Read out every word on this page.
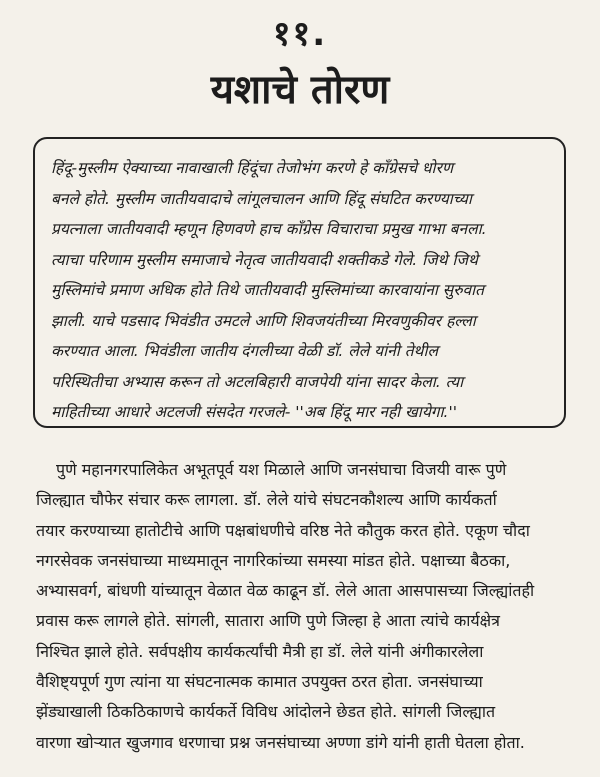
११.
यशाचे तोरण

हिंदू-मुस्लीम ऐक्याच्या नावाखाली हिंदूंचा तेजोभंग करणे हे काँग्रेसचे धोरण
बनले होते. मुस्लीम जातीयवादाचे लांगूलचालन आणि हिंदू संघटित करण्याच्या
प्रयत्नाला जातीयवादी म्हणून हिणवणे हाच काँग्रेस विचाराचा प्रमुख गाभा बनला.
त्याचा परिणाम मुस्लीम समाजाचे नेतृत्व जातीयवादी शक्तीकडे गेले. जिथे जिथे
मुस्लिमांचे प्रमाण अधिक होते तिथे जातीयवादी मुस्लिमांच्या कारवायांना सुरुवात
झाली. याचे पडसाद भिवंडीत उमटले आणि शिवजयंतीच्या मिरवणुकीवर हल्ला
करण्यात आला. भिवंडीला जातीय दंगलीच्या वेळी डॉ. लेले यांनी तेथील
परिस्थितीचा अभ्यास करून तो अटलबिहारी वाजपेयी यांना सादर केला. त्या
माहितीच्या आधारे अटलजी संसदेत गरजले- ''अब हिंदू मार नही खायेगा.''

पुणे महानगरपालिकेत अभूतपूर्व यश मिळाले आणि जनसंघाचा विजयी वारू पुणे
जिल्ह्यात चौफेर संचार करू लागला. डॉ. लेले यांचे संघटनकौशल्य आणि कार्यकर्ता
तयार करण्याच्या हातोटीचे आणि पक्षबांधणीचे वरिष्ठ नेते कौतुक करत होते. एकूण चौदा
नगरसेवक जनसंघाच्या माध्यमातून नागरिकांच्या समस्या मांडत होते. पक्षाच्या बैठका,
अभ्यासवर्ग, बांधणी यांच्यातून वेळात वेळ काढून डॉ. लेले आता आसपासच्या जिल्ह्यांतही
प्रवास करू लागले होते. सांगली, सातारा आणि पुणे जिल्हा हे आता त्यांचे कार्यक्षेत्र
निश्चित झाले होते. सर्वपक्षीय कार्यकर्त्यांची मैत्री हा डॉ. लेले यांनी अंगीकारलेला
वैशिष्ट्यपूर्ण गुण त्यांना या संघटनात्मक कामात उपयुक्त ठरत होता. जनसंघाच्या
झेंड्याखाली ठिकठिकाणचे कार्यकर्ते विविध आंदोलने छेडत होते. सांगली जिल्ह्यात
वारणा खोऱ्यात खुजगाव धरणाचा प्रश्न जनसंघाच्या अण्णा डांगे यांनी हाती घेतला होता.
